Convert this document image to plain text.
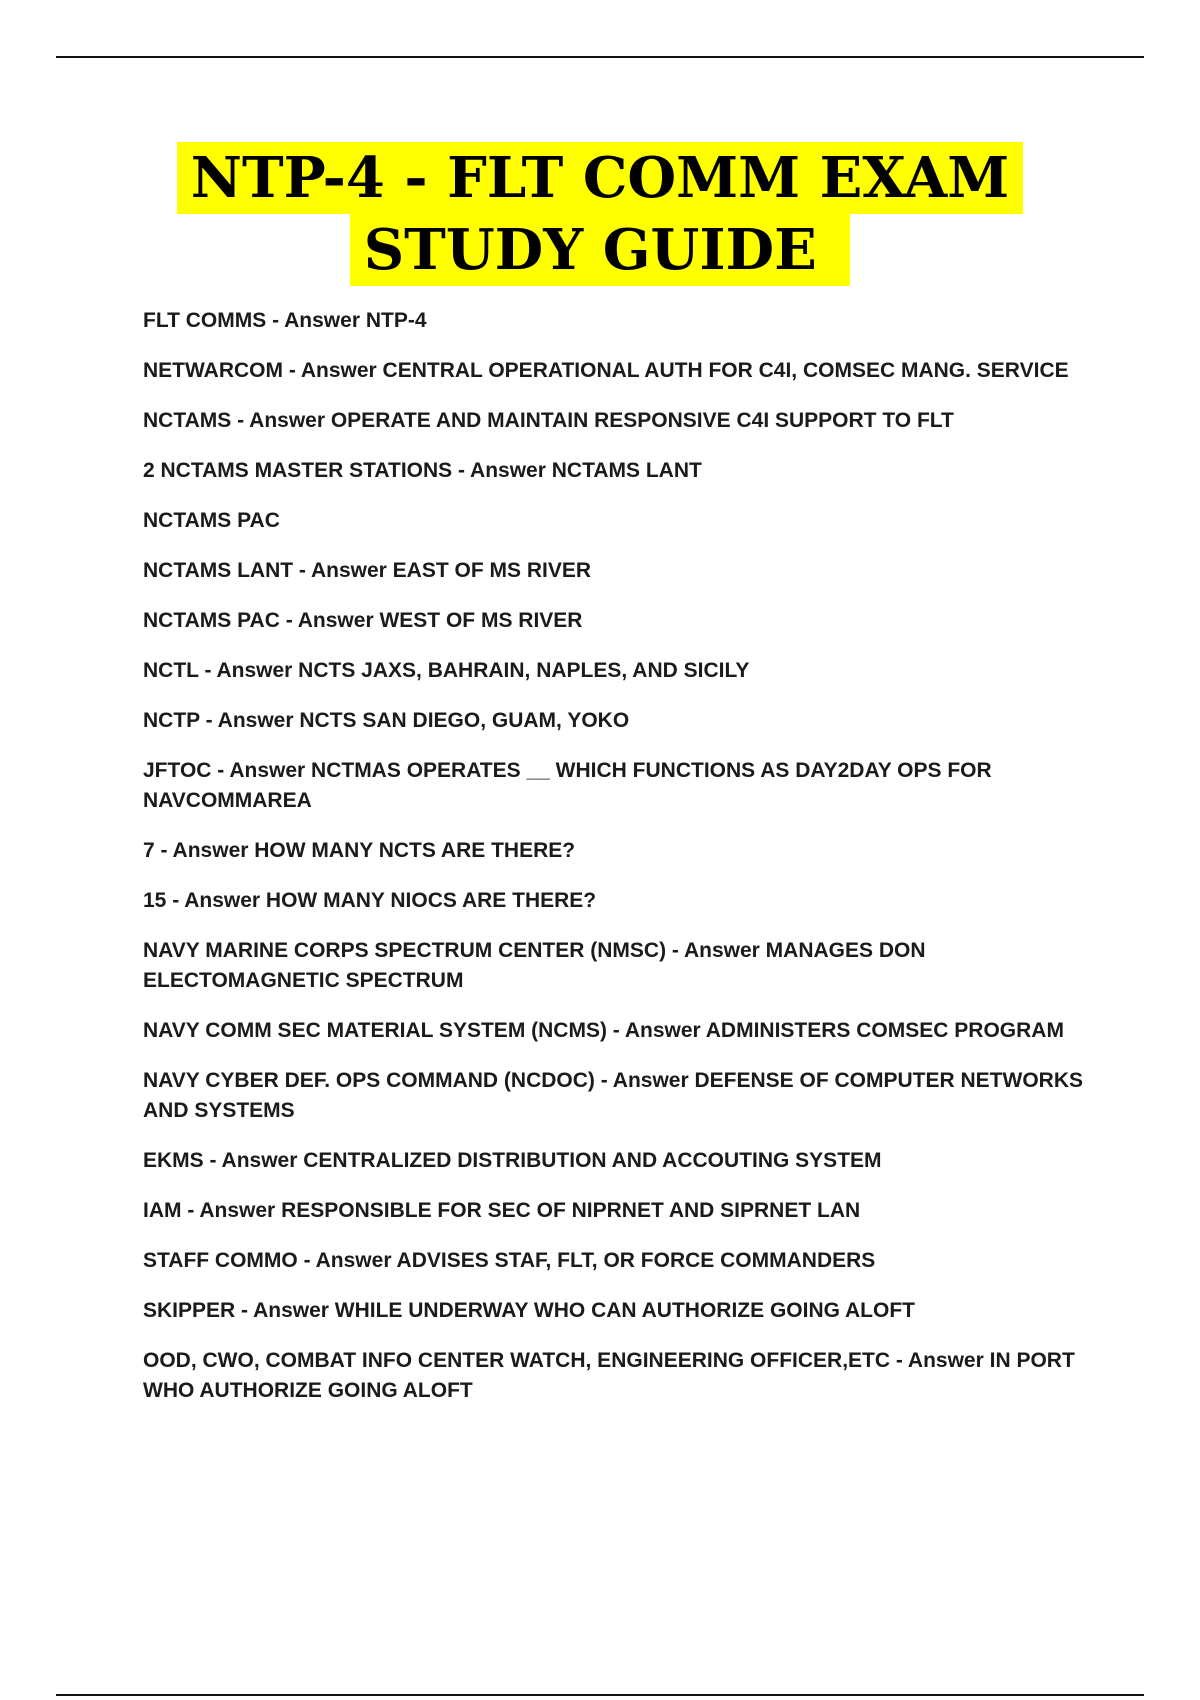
NTP-4 - FLT COMM EXAM
STUDY GUIDE
FLT COMMS - Answer NTP-4
NETWARCOM - Answer CENTRAL OPERATIONAL AUTH FOR C4I, COMSEC MANG. SERVICE
NCTAMS - Answer OPERATE AND MAINTAIN RESPONSIVE C4I SUPPORT TO FLT
2 NCTAMS MASTER STATIONS - Answer NCTAMS LANT
NCTAMS PAC
NCTAMS LANT - Answer EAST OF MS RIVER
NCTAMS PAC - Answer WEST OF MS RIVER
NCTL - Answer NCTS JAXS, BAHRAIN, NAPLES, AND SICILY
NCTP - Answer NCTS SAN DIEGO, GUAM, YOKO
JFTOC - Answer NCTMAS OPERATES __ WHICH FUNCTIONS AS DAY2DAY OPS FOR NAVCOMMAREA
7 - Answer HOW MANY NCTS ARE THERE?
15 - Answer HOW MANY NIOCS ARE THERE?
NAVY MARINE CORPS SPECTRUM CENTER (NMSC) - Answer MANAGES DON ELECTOMAGNETIC SPECTRUM
NAVY COMM SEC MATERIAL SYSTEM (NCMS) - Answer ADMINISTERS COMSEC PROGRAM
NAVY CYBER DEF. OPS COMMAND (NCDOC) - Answer DEFENSE OF COMPUTER NETWORKS AND SYSTEMS
EKMS - Answer CENTRALIZED DISTRIBUTION AND ACCOUTING SYSTEM
IAM - Answer RESPONSIBLE FOR SEC OF NIPRNET AND SIPRNET LAN
STAFF COMMO - Answer ADVISES STAF, FLT, OR FORCE COMMANDERS
SKIPPER - Answer WHILE UNDERWAY WHO CAN AUTHORIZE GOING ALOFT
OOD, CWO, COMBAT INFO CENTER WATCH, ENGINEERING OFFICER,ETC - Answer IN PORT WHO AUTHORIZE GOING ALOFT
